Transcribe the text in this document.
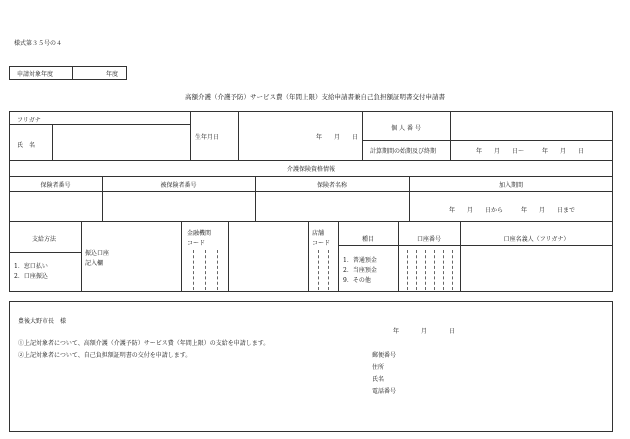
様式第３５号の４
申請対象年度	年度
高額介護（介護予防）サービス費（年間上限）支給申請書兼自己負担額証明書交付申請書
フリガナ
氏　名
生年月日	年 月 日
個 人 番 号
計算期間の始期及び終期	年　　月　　日～　　　年　　月　　日
介護保険資格情報
保険者番号	被保険者番号	保険者名称	加入期間
年　　月　　日から　　　年　　月　　日まで
支給方法
1．窓口払い
2．口座振込
振込口座
記入欄
金融機関
コード
店舗
コード
種目
1．普通預金
2．当座預金
9．その他
口座番号	口座名義人（フリガナ）
豊後大野市長　様
年	月	日
①上記対象者について、高額介護（介護予防）サービス費（年間上限）の支給を申請します。
②上記対象者について、自己負担額証明書の交付を申請します。	郵便番号
住所
氏名
電話番号
